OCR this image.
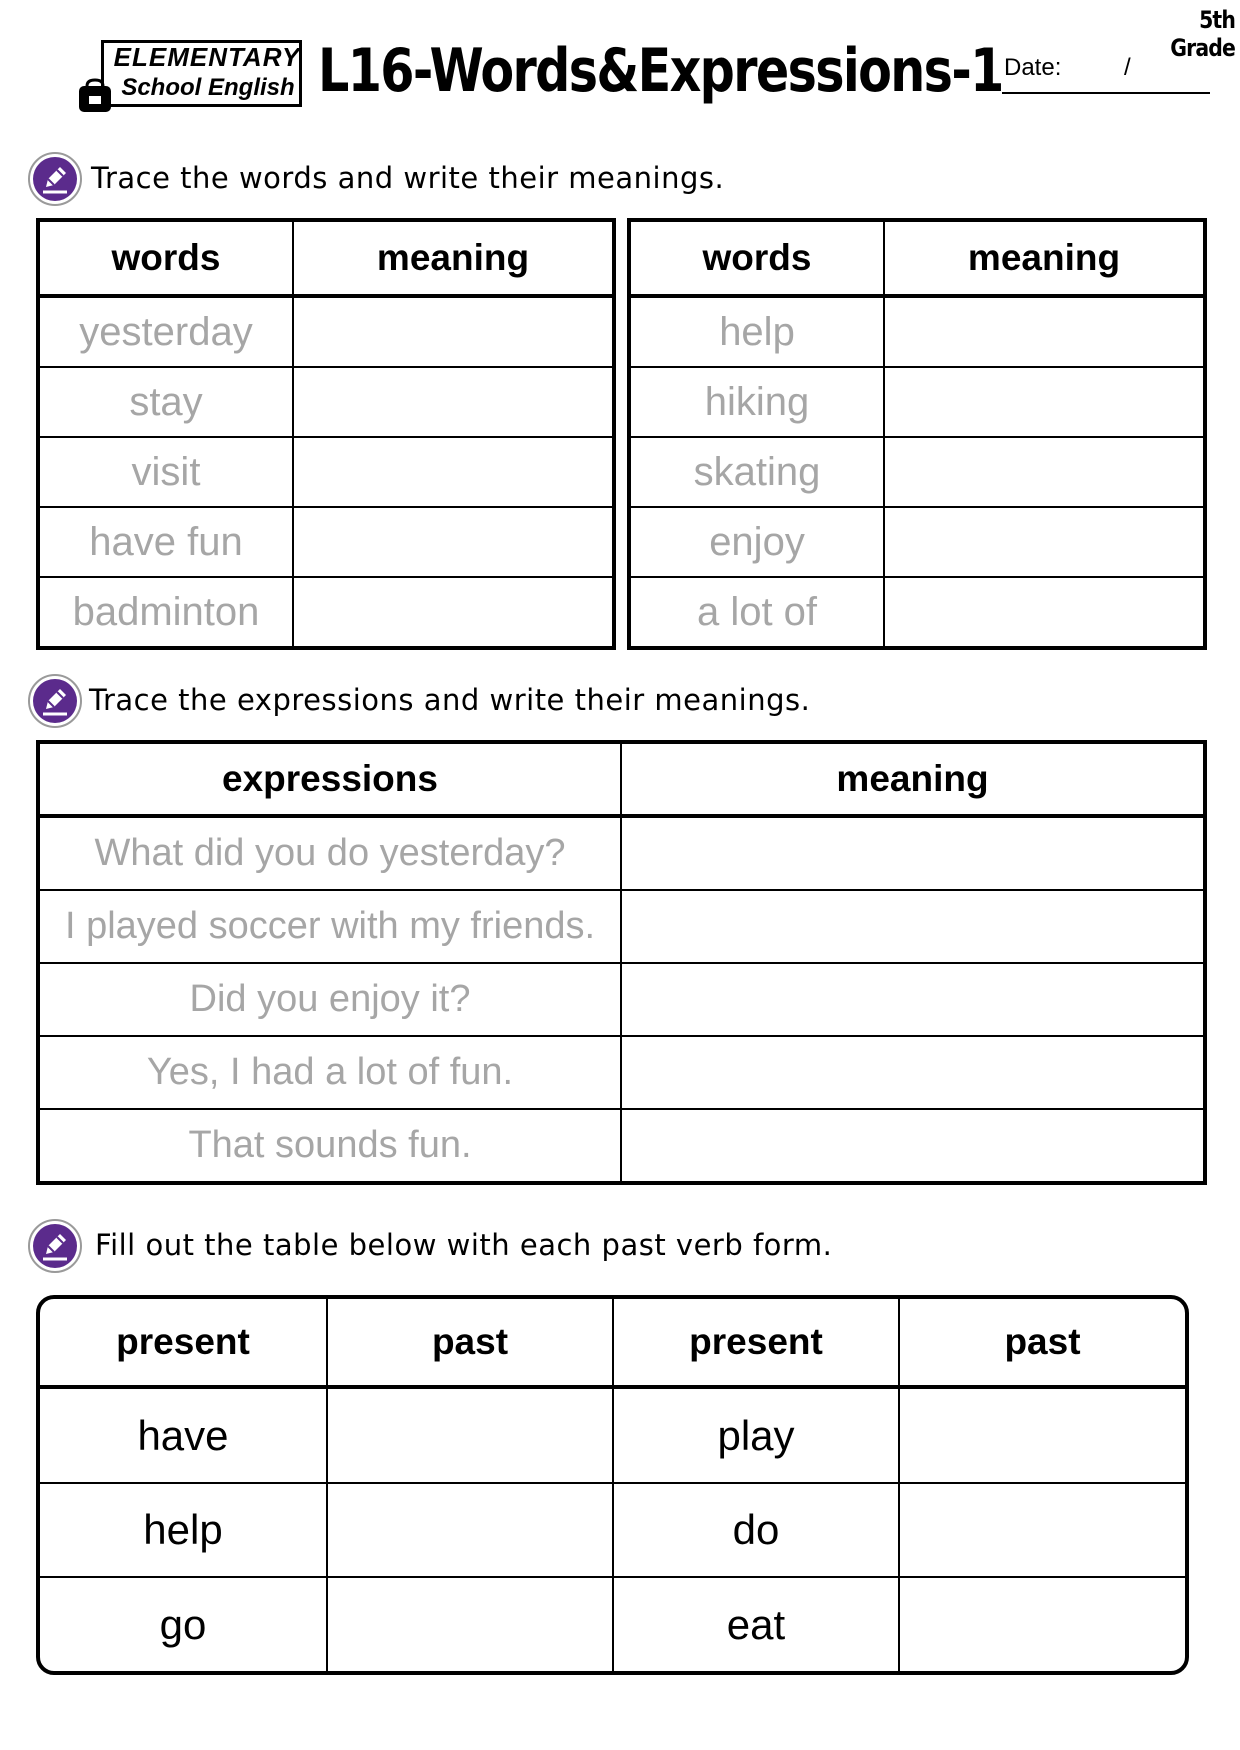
5th Grade
ELEMENTARY
School English L16-Words&Expressions-1 Date:	/
Trace the words and write their meanings.
words	meaning
yesterday	
stay	
visit	
have fun	
badminton	
words	meaning
help	
hiking	
skating	
enjoy	
a lot of	
Trace the expressions and write their meanings.
expressions	meaning
What did you do yesterday?	
I played soccer with my friends.	
Did you enjoy it?	
Yes, I had a lot of fun.	
That sounds fun.	
Fill out the table below with each past verb form.
present	past	present	past
have		play	
help		do	
go		eat	
